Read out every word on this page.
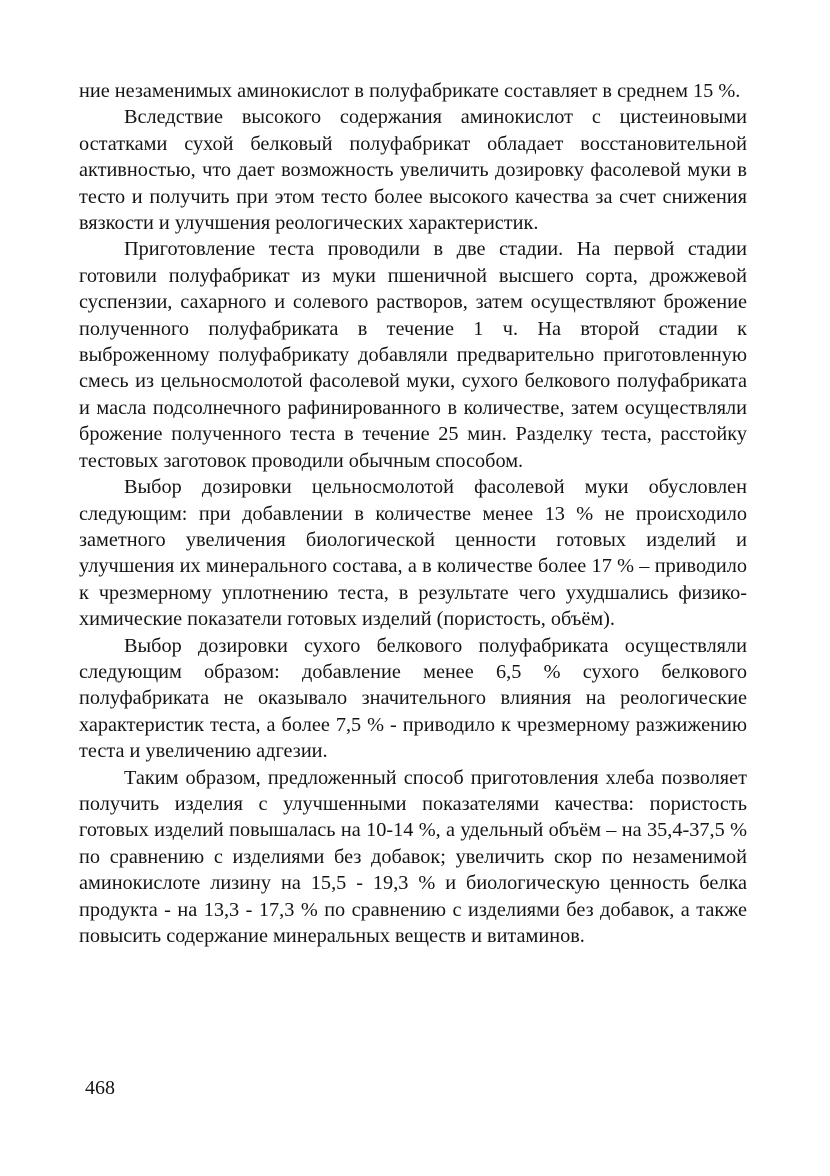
ние незаменимых аминокислот в полуфабрикате составляет в среднем 15 %.

Вследствие высокого содержания аминокислот с цистеиновыми остатками сухой белковый полуфабрикат обладает восстановительной активностью, что дает возможность увеличить дозировку фасолевой муки в тесто и получить при этом тесто более высокого качества за счет снижения вязкости и улучшения реологических характеристик.

Приготовление теста проводили в две стадии. На первой стадии готовили полуфабрикат из муки пшеничной высшего сорта, дрожжевой суспензии, сахарного и солевого растворов, затем осуществляют брожение полученного полуфабриката в течение 1 ч. На второй стадии к выброженному полуфабрикату добавляли предварительно приготовленную смесь из цельносмолотой фасолевой муки, сухого белкового полуфабриката и масла подсолнечного рафинированного в количестве, затем осуществляли брожение полученного теста в течение 25 мин. Разделку теста, расстойку тестовых заготовок проводили обычным способом.

Выбор дозировки цельносмолотой фасолевой муки обусловлен следующим: при добавлении в количестве менее 13 % не происходило заметного увеличения биологической ценности готовых изделий и улучшения их минерального состава, а в количестве более 17 % – приводило к чрезмерному уплотнению теста, в результате чего ухудшались физико-химические показатели готовых изделий (пористость, объём).

Выбор дозировки сухого белкового полуфабриката осуществляли следующим образом: добавление менее 6,5 % сухого белкового полуфабриката не оказывало значительного влияния на реологические характеристик теста, а более 7,5 % - приводило к чрезмерному разжижению теста и увеличению адгезии.

Таким образом, предложенный способ приготовления хлеба позволяет получить изделия с улучшенными показателями качества: пористость готовых изделий повышалась на 10-14 %, а удельный объём – на 35,4-37,5 % по сравнению с изделиями без добавок; увеличить скор по незаменимой аминокислоте лизину на 15,5 - 19,3 % и биологическую ценность белка продукта - на 13,3 - 17,3 % по сравнению с изделиями без добавок, а также повысить содержание минеральных веществ и витаминов.

468
